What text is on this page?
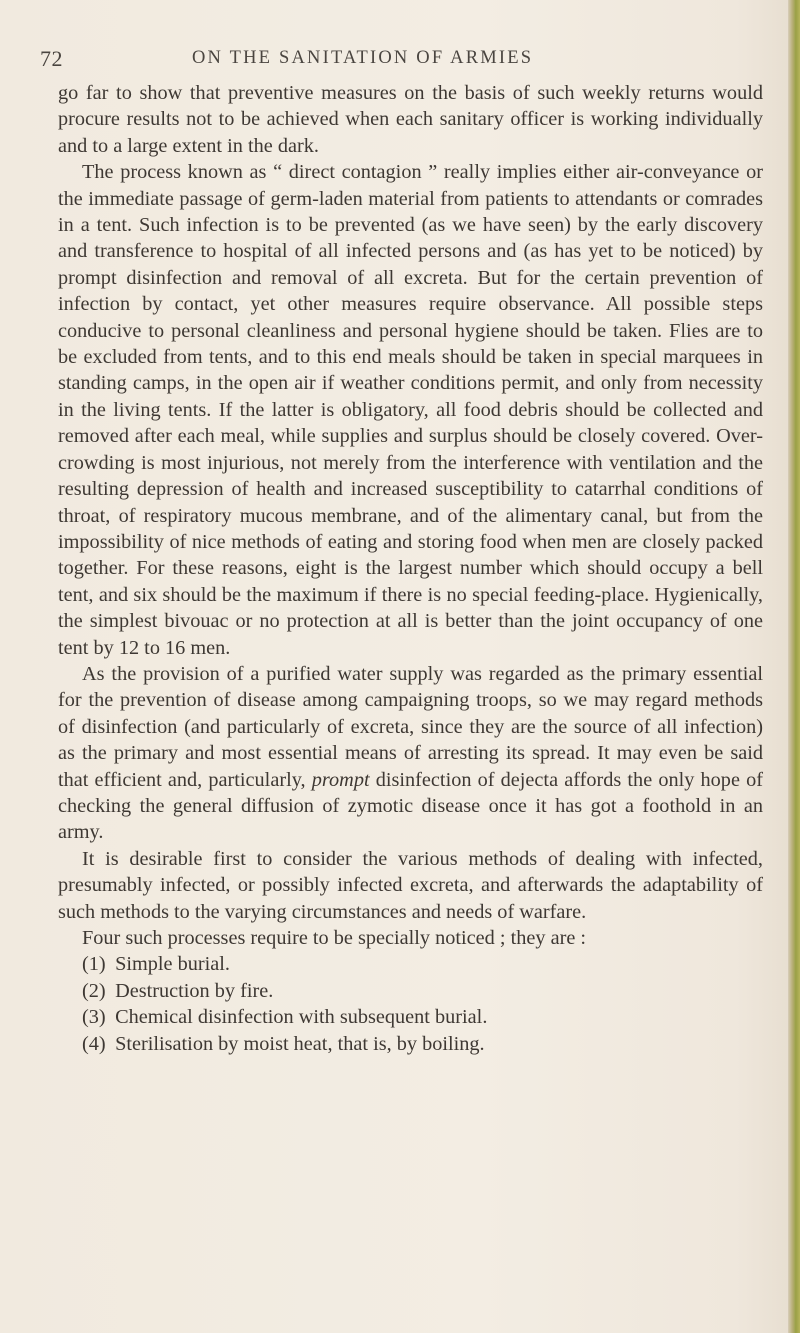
72	ON THE SANITATION OF ARMIES

go far to show that preventive measures on the basis of such weekly returns would procure results not to be achieved when each sanitary officer is working individually and to a large extent in the dark.

The process known as “ direct contagion ” really implies either air-conveyance or the immediate passage of germ-laden material from patients to attendants or comrades in a tent. Such infection is to be prevented (as we have seen) by the early discovery and transference to hospital of all infected persons and (as has yet to be noticed) by prompt disinfection and removal of all excreta. But for the certain prevention of infection by contact, yet other measures require observance. All possible steps conducive to personal cleanliness and personal hygiene should be taken. Flies are to be excluded from tents, and to this end meals should be taken in special marquees in standing camps, in the open air if weather conditions permit, and only from necessity in the living tents. If the latter is obligatory, all food debris should be collected and removed after each meal, while supplies and surplus should be closely covered. Over-crowding is most injurious, not merely from the interference with ventilation and the resulting depression of health and increased susceptibility to catarrhal conditions of throat, of respiratory mucous membrane, and of the alimentary canal, but from the impossibility of nice methods of eating and storing food when men are closely packed together. For these reasons, eight is the largest number which should occupy a bell tent, and six should be the maximum if there is no special feeding-place. Hygienically, the simplest bivouac or no protection at all is better than the joint occupancy of one tent by 12 to 16 men.

As the provision of a purified water supply was regarded as the primary essential for the prevention of disease among campaigning troops, so we may regard methods of disinfection (and particularly of excreta, since they are the source of all infection) as the primary and most essential means of arresting its spread. It may even be said that efficient and, particularly, prompt disinfection of dejecta affords the only hope of checking the general diffusion of zymotic disease once it has got a foothold in an army.

It is desirable first to consider the various methods of dealing with infected, presumably infected, or possibly infected excreta, and afterwards the adaptability of such methods to the varying circumstances and needs of warfare.

Four such processes require to be specially noticed ; they are :

(1) Simple burial.
(2) Destruction by fire.
(3) Chemical disinfection with subsequent burial.
(4) Sterilisation by moist heat, that is, by boiling.
